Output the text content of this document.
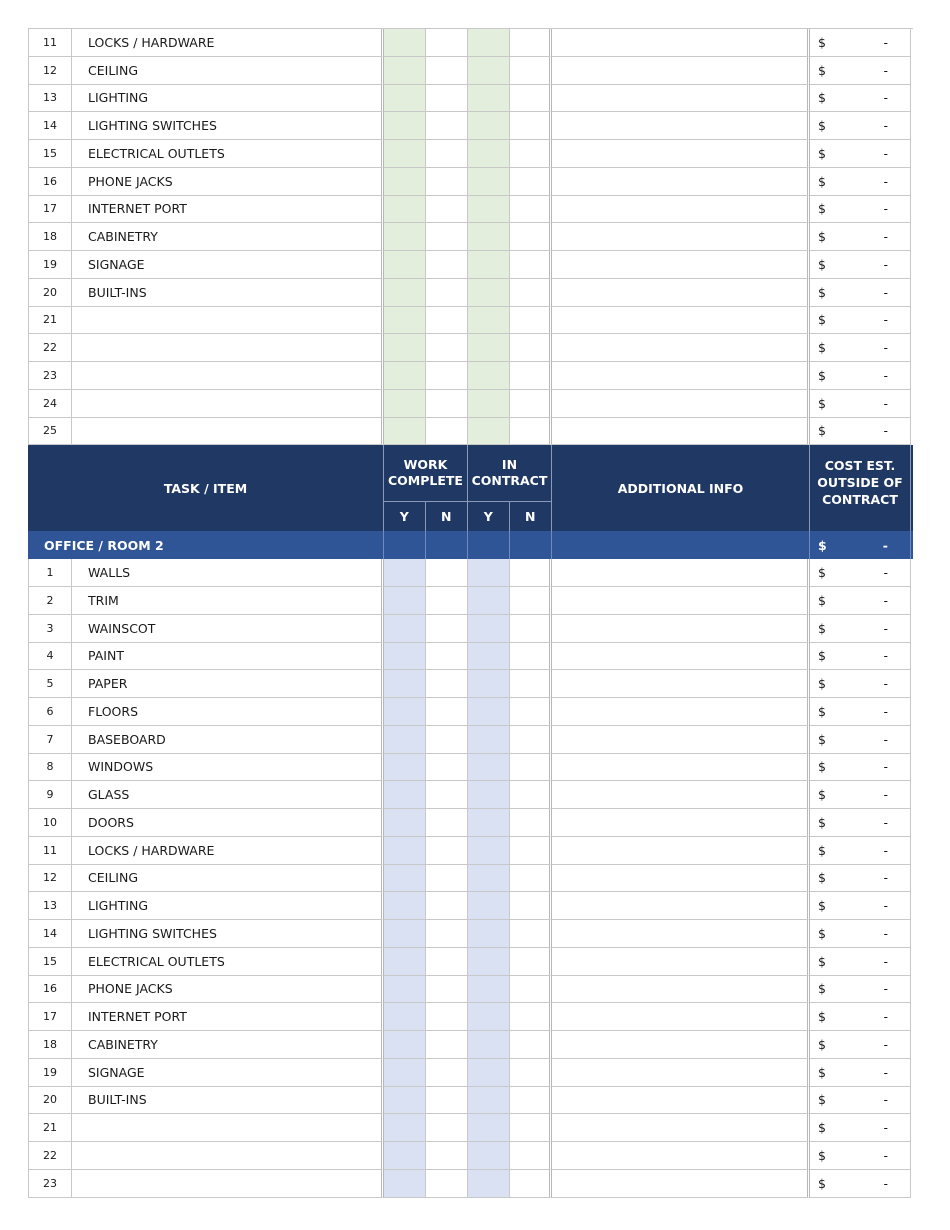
11	LOCKS / HARDWARE	$	-
12	CEILING	$	-
13	LIGHTING	$	-
14	LIGHTING SWITCHES	$	-
15	ELECTRICAL OUTLETS	$	-
16	PHONE JACKS	$	-
17	INTERNET PORT	$	-
18	CABINETRY	$	-
19	SIGNAGE	$	-
20	BUILT-INS	$	-
21	$	-
22	$	-
23	$	-
24	$	-
25	$	-
TASK / ITEM
WORK
COMPLETE
Y	N
IN
CONTRACT
Y	N
ADDITIONAL INFO
COST EST.
OUTSIDE OF
CONTRACT
OFFICE / ROOM 2	$	-
1	WALLS	$	-
2	TRIM	$	-
3	WAINSCOT	$	-
4	PAINT	$	-
5	PAPER	$	-
6	FLOORS	$	-
7	BASEBOARD	$	-
8	WINDOWS	$	-
9	GLASS	$	-
10	DOORS	$	-
11	LOCKS / HARDWARE	$	-
12	CEILING	$	-
13	LIGHTING	$	-
14	LIGHTING SWITCHES	$	-
15	ELECTRICAL OUTLETS	$	-
16	PHONE JACKS	$	-
17	INTERNET PORT	$	-
18	CABINETRY	$	-
19	SIGNAGE	$	-
20	BUILT-INS	$	-
21	$	-
22	$	-
23	$	-
